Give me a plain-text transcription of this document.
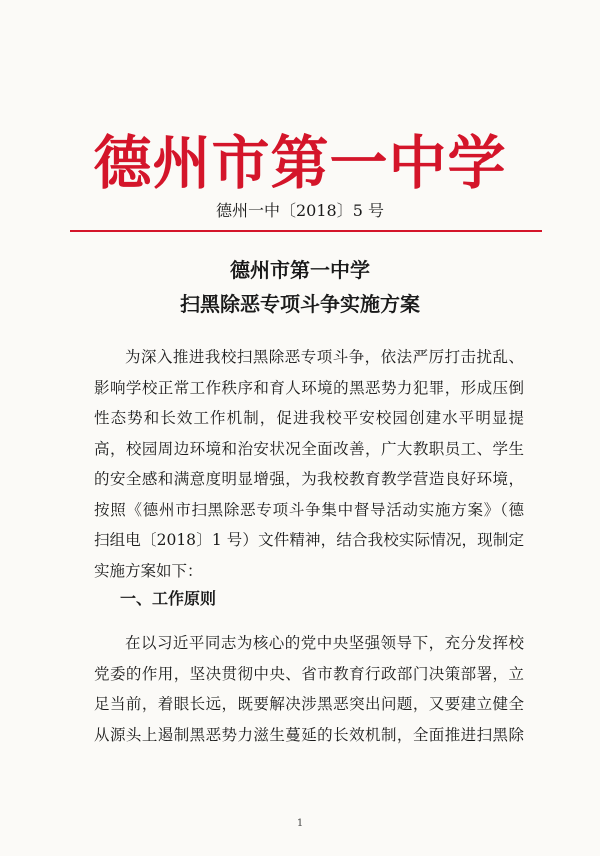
德州市第一中学
德州一中〔2018〕5 号
德州市第一中学
扫黑除恶专项斗争实施方案
为深入推进我校扫黑除恶专项斗争，依法严厉打击扰乱、
影响学校正常工作秩序和育人环境的黑恶势力犯罪，形成压倒
性态势和长效工作机制，促进我校平安校园创建水平明显提
高，校园周边环境和治安状况全面改善，广大教职员工、学生
的安全感和满意度明显增强，为我校教育教学营造良好环境，
按照《德州市扫黑除恶专项斗争集中督导活动实施方案》（德
扫组电〔2018〕1 号）文件精神，结合我校实际情况，现制定
实施方案如下：
一、工作原则
在以习近平同志为核心的党中央坚强领导下，充分发挥校
党委的作用，坚决贯彻中央、省市教育行政部门决策部署，立
足当前，着眼长远，既要解决涉黑恶突出问题，又要建立健全
从源头上遏制黑恶势力滋生蔓延的长效机制，全面推进扫黑除
1
